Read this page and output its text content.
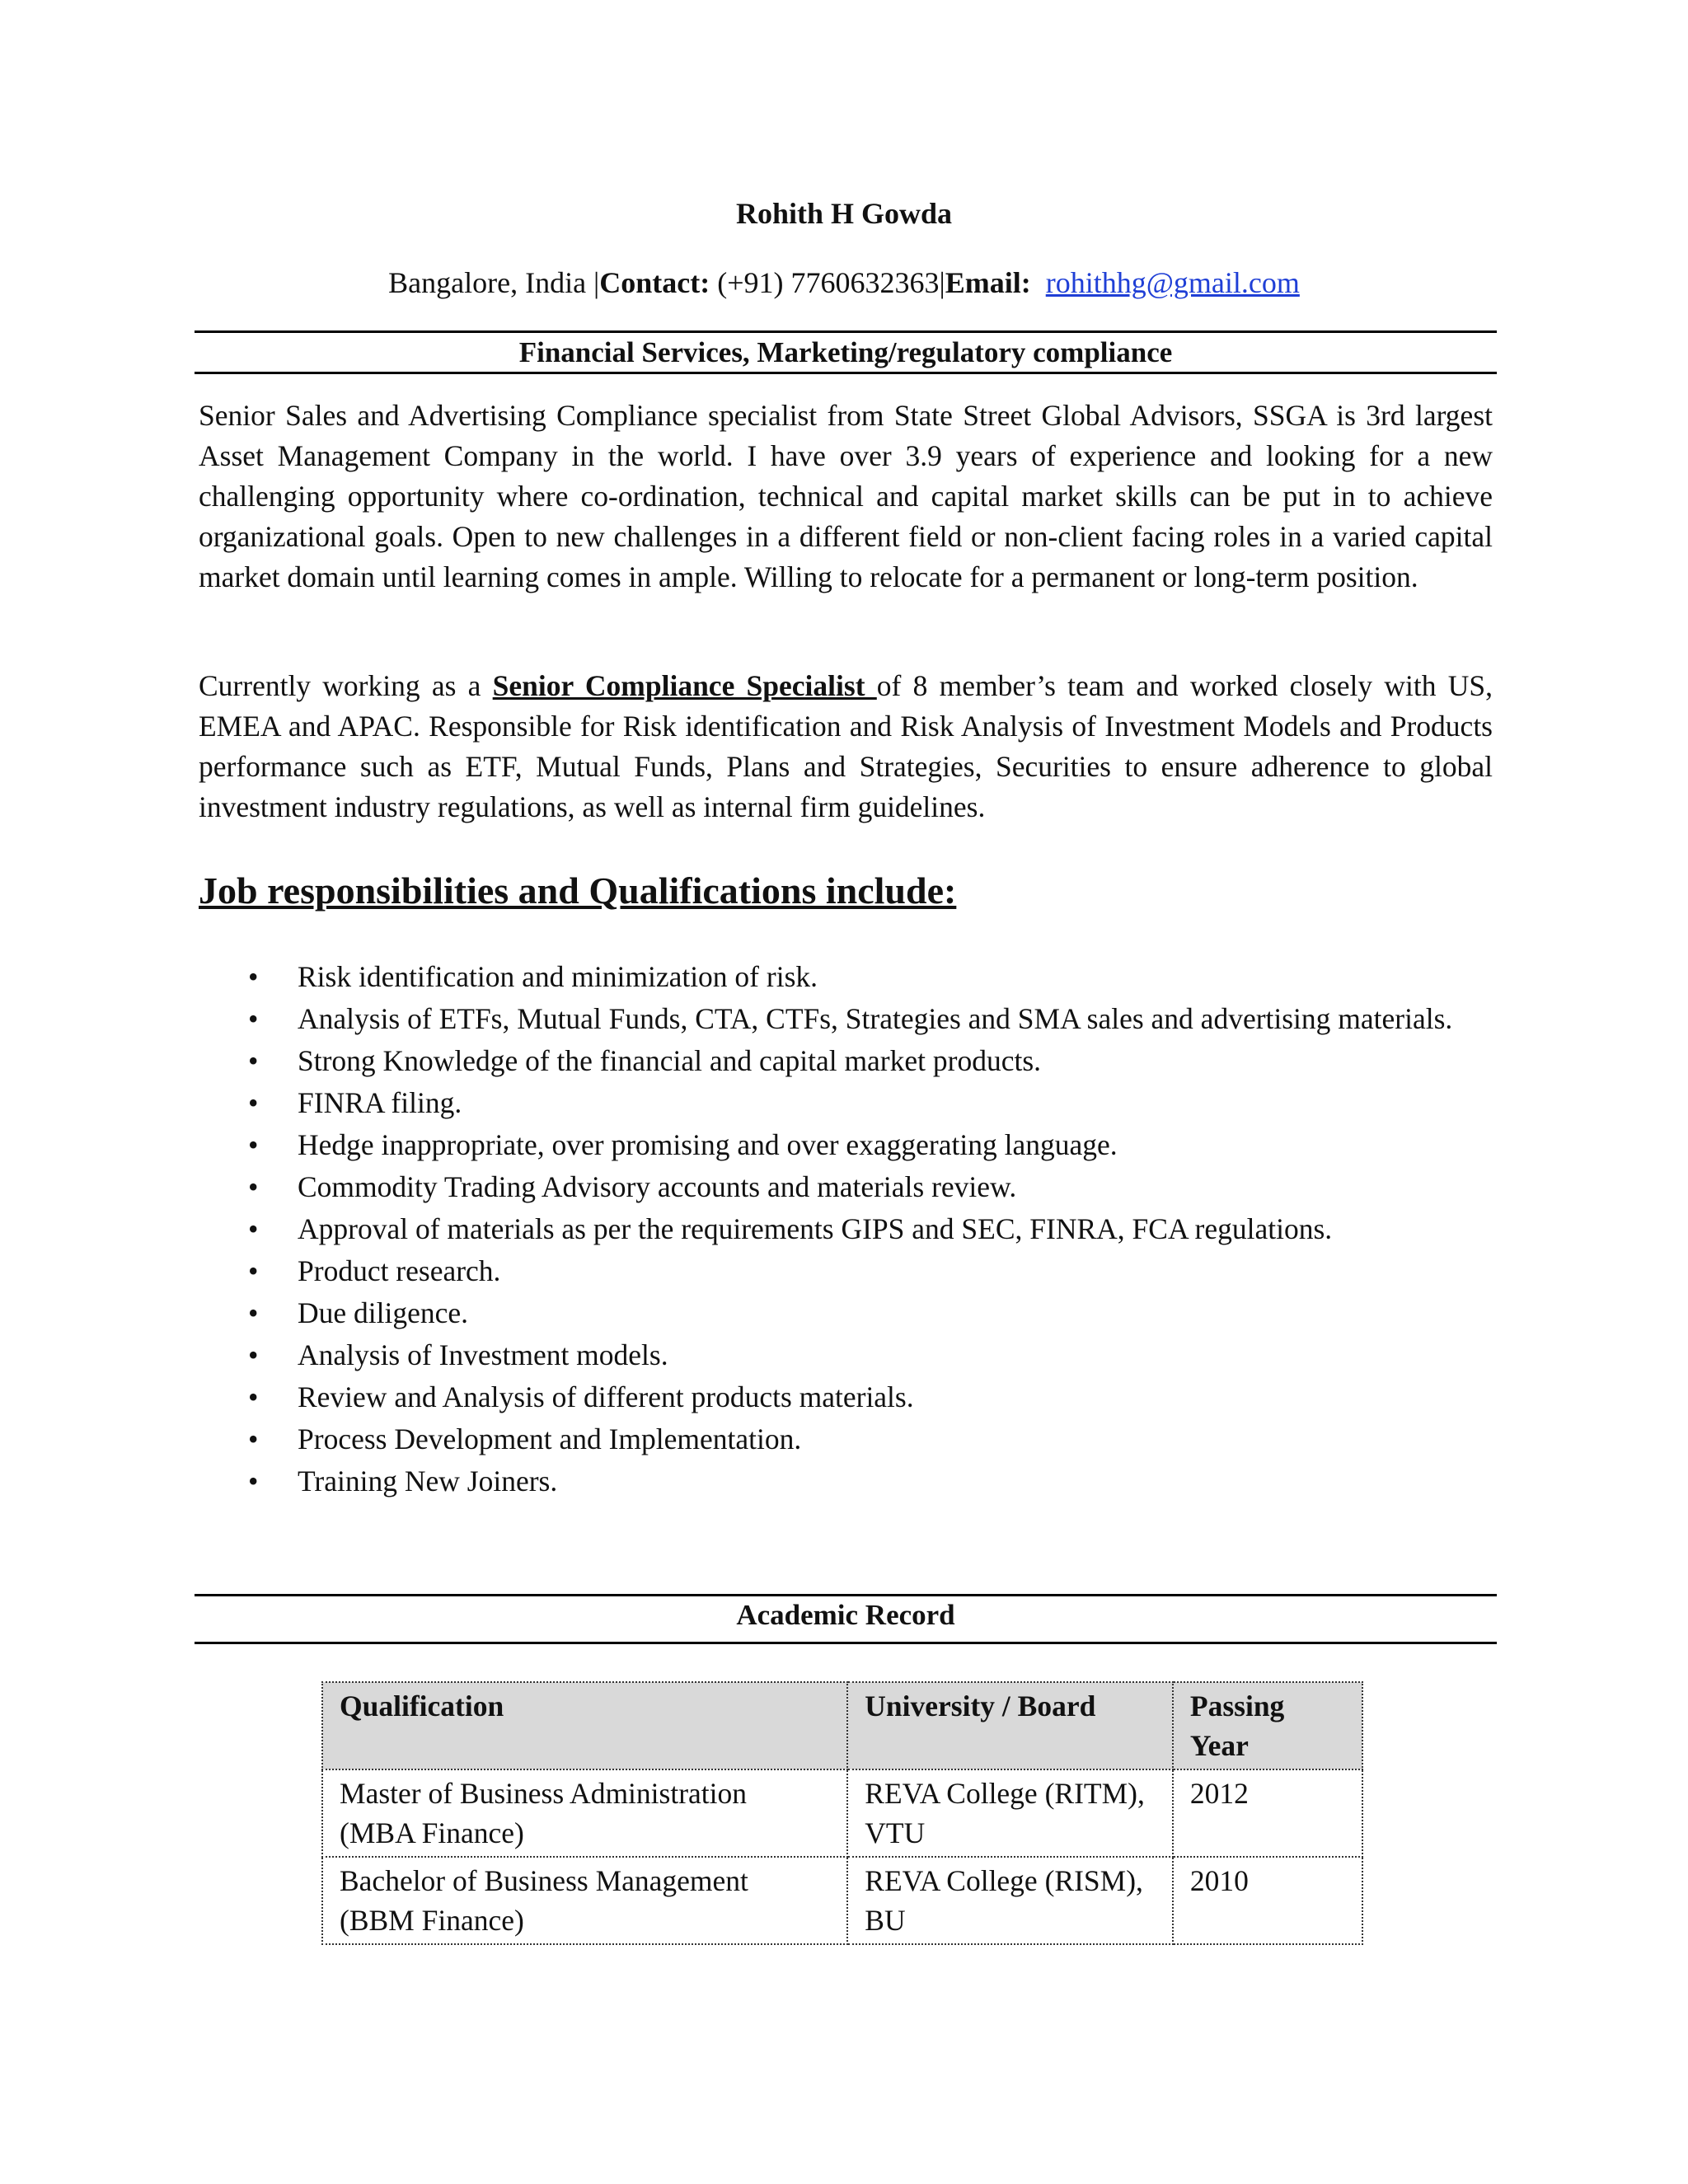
Rohith H Gowda
Bangalore, India |Contact: (+91) 7760632363|Email: rohithhg@gmail.com
Financial Services, Marketing/regulatory compliance
Senior Sales and Advertising Compliance specialist from State Street Global Advisors, SSGA is 3rd largest Asset Management Company in the world. I have over 3.9 years of experience and looking for a new challenging opportunity where co-ordination, technical and capital market skills can be put in to achieve organizational goals. Open to new challenges in a different field or non-client facing roles in a varied capital market domain until learning comes in ample. Willing to relocate for a permanent or long-term position.
Currently working as a Senior Compliance Specialist of 8 member’s team and worked closely with US, EMEA and APAC. Responsible for Risk identification and Risk Analysis of Investment Models and Products performance such as ETF, Mutual Funds, Plans and Strategies, Securities to ensure adherence to global investment industry regulations, as well as internal firm guidelines.
Job responsibilities and Qualifications include:
• Risk identification and minimization of risk.
• Analysis of ETFs, Mutual Funds, CTA, CTFs, Strategies and SMA sales and advertising materials.
• Strong Knowledge of the financial and capital market products.
• FINRA filing.
• Hedge inappropriate, over promising and over exaggerating language.
• Commodity Trading Advisory accounts and materials review.
• Approval of materials as per the requirements GIPS and SEC, FINRA, FCA regulations.
• Product research.
• Due diligence.
• Analysis of Investment models.
• Review and Analysis of different products materials.
• Process Development and Implementation.
• Training New Joiners.
Academic Record
Qualification	University / Board	Passing Year
Master of Business Administration (MBA Finance)	REVA College (RITM), VTU	2012
Bachelor of Business Management (BBM Finance)	REVA College (RISM), BU	2010
